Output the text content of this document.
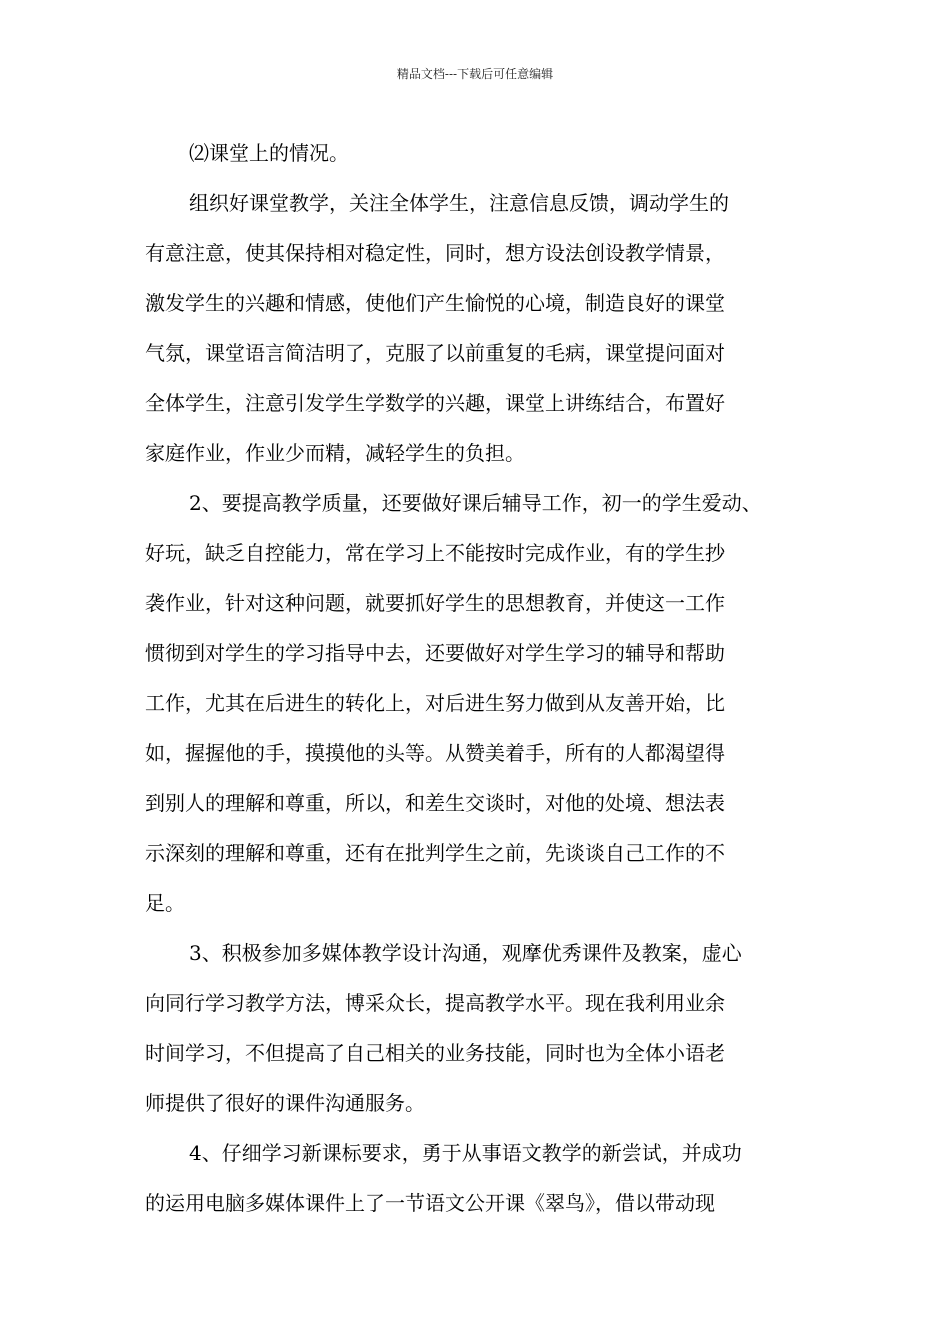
精品文档---下载后可任意编辑

⑵课堂上的情况。

组织好课堂教学，关注全体学生，注意信息反馈，调动学生的
有意注意，使其保持相对稳定性，同时，想方设法创设教学情景，
激发学生的兴趣和情感，使他们产生愉悦的心境，制造良好的课堂
气氛，课堂语言简洁明了，克服了以前重复的毛病，课堂提问面对
全体学生，注意引发学生学数学的兴趣，课堂上讲练结合，布置好
家庭作业，作业少而精，减轻学生的负担。

2、要提高教学质量，还要做好课后辅导工作，初一的学生爱动、
好玩，缺乏自控能力，常在学习上不能按时完成作业，有的学生抄
袭作业，针对这种问题，就要抓好学生的思想教育，并使这一工作
惯彻到对学生的学习指导中去，还要做好对学生学习的辅导和帮助
工作，尤其在后进生的转化上，对后进生努力做到从友善开始，比
如，握握他的手，摸摸他的头等。从赞美着手，所有的人都渴望得
到别人的理解和尊重，所以，和差生交谈时，对他的处境、想法表
示深刻的理解和尊重，还有在批判学生之前，先谈谈自己工作的不
足。

3、积极参加多媒体教学设计沟通，观摩优秀课件及教案，虚心
向同行学习教学方法，博采众长，提高教学水平。现在我利用业余
时间学习，不但提高了自己相关的业务技能，同时也为全体小语老
师提供了很好的课件沟通服务。

4、仔细学习新课标要求，勇于从事语文教学的新尝试，并成功
的运用电脑多媒体课件上了一节语文公开课《翠鸟》，借以带动现
